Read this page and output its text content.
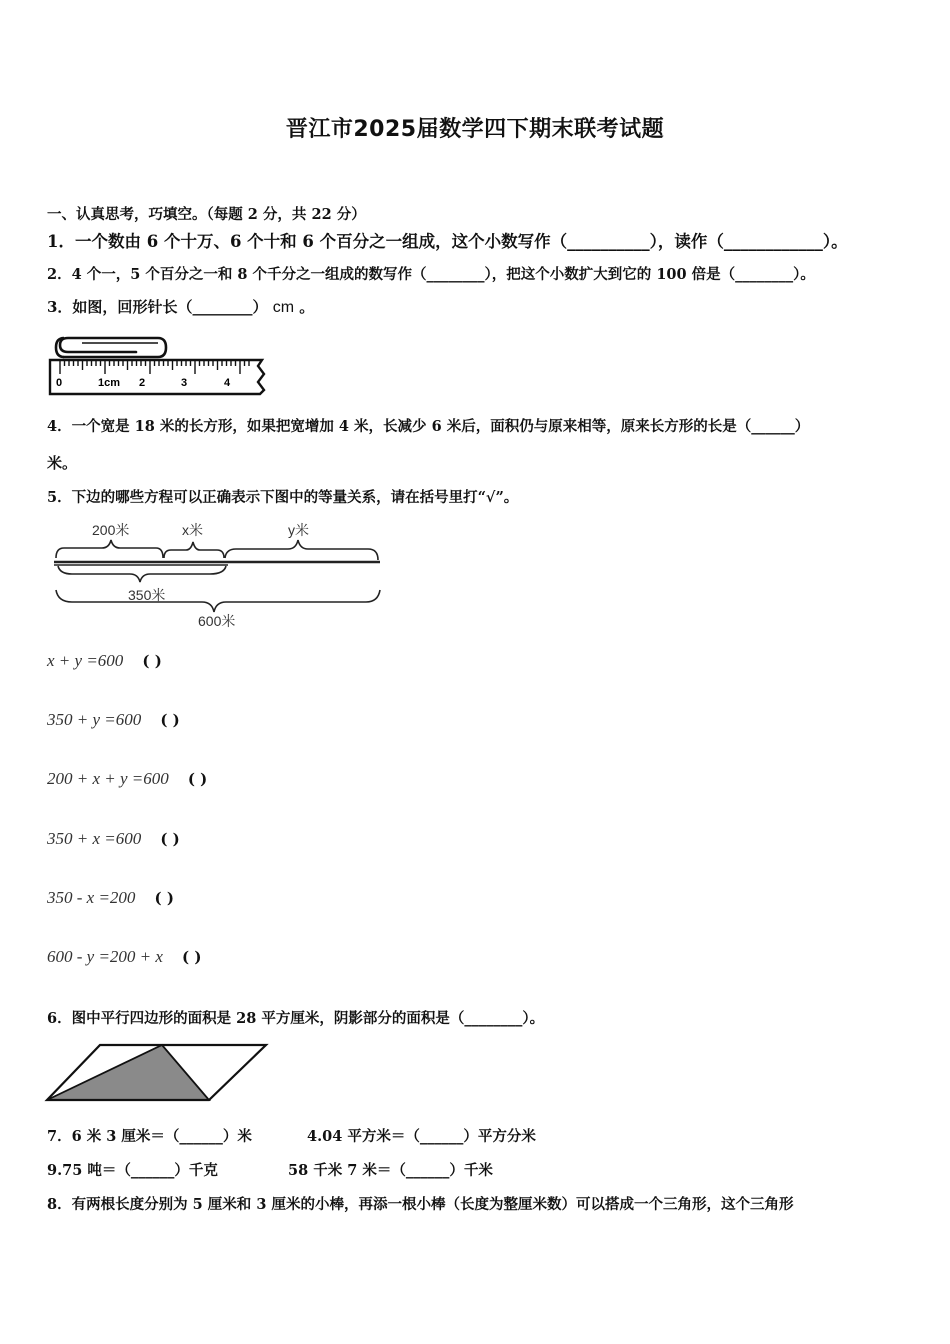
晋江市2025届数学四下期末联考试题
一、认真思考，巧填空。（每题 2 分，共 22 分）
1．一个数由 6 个十万、6 个十和 6 个百分之一组成，这个小数写作（__________），读作（____________）。
2．4 个一，5 个百分之一和 8 个千分之一组成的数写作（________），把这个小数扩大到它的 100 倍是（________）。
3．如图，回形针长（________） cm 。
0	1cm 2	3	4
4．一个宽是 18 米的长方形，如果把宽增加 4 米，长减少 6 米后，面积仍与原来相等，原来长方形的长是（______）
米。
5．下边的哪些方程可以正确表示下图中的等量关系，请在括号里打“√”。
200米	x米	y米
350米
600米
x + y =600 ( )
350 + y =600 ( )
200 + x + y =600 ( )
350 + x =600 ( )
350 - x =200 ( )
600 - y =200 + x ( )
6．图中平行四边形的面积是 28 平方厘米，阴影部分的面积是（________）。
7．6 米 3 厘米＝（______）米	4.04 平方米＝（______）平方分米
9.75 吨＝（______）千克	58 千米 7 米＝（______）千米
8．有两根长度分别为 5 厘米和 3 厘米的小棒，再添一根小棒（长度为整厘米数）可以搭成一个三角形，这个三角形
